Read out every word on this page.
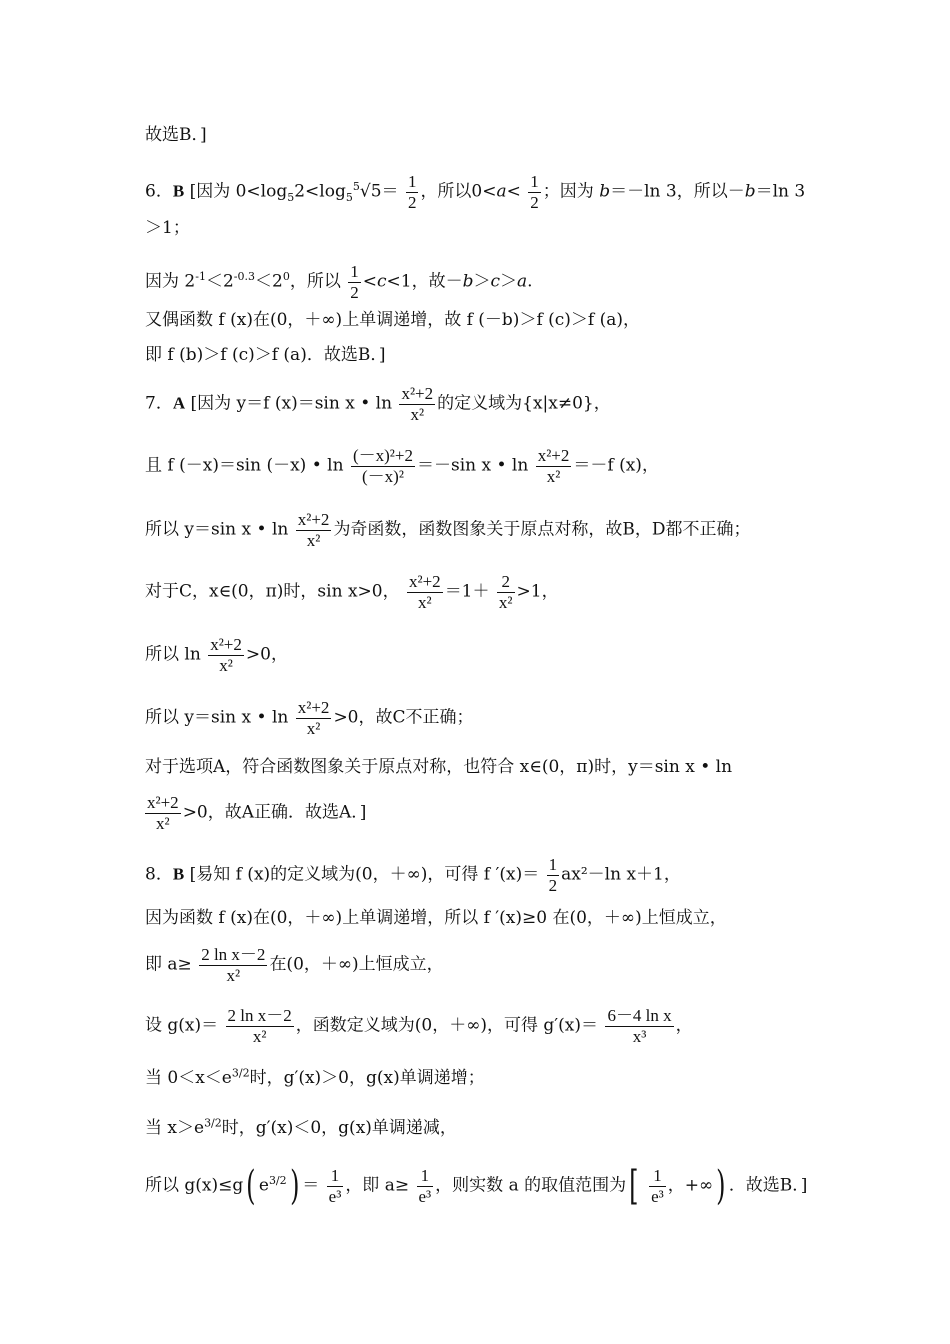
故选B．]
6．B [因为 $0<\log_52<\log_5^5√5= \frac{1}{2}$ ，所以$0<a< \frac{1}{2}$ ；因为 b＝－ln 3，所以－b＝ln 3
＞1；
因为 $2^{-1}<2^{-0.3}<2^0$，所以 $\frac{1}{2} <c<1$，故－b＞c＞a.
又偶函数 f (x)在(0，＋∞)上单调递增，故 f (－b)＞f (c)＞f (a)，
即 f (b)＞f (c)＞f (a)．故选B．]
7．A [因为 y＝f (x)＝sin x • $\ln \frac{\text{x²+2}}{\text{x²}}$ 的定义域为{x|x≠0}，
且 f (－x)＝sin (－x) • $\ln \frac{\text{(－x)²+2}}{\text{(－x)²}} =-\sin$ x • $\ln \frac{\text{x²+2}}{\text{x²}} =-f$ (x)，
所以 y＝sin x • $\ln \frac{\text{x²+2}}{\text{x²}}$ 为奇函数，函数图象关于原点对称，故B，D都不正确；
对于C，x∈(0，π)时，sin x>0， $\frac{\text{x²+2}}{\text{x²}} =1+ \frac{2}{\text{x²}} >1$，
所以 $\ln \frac{\text{x²+2}}{\text{x²}} >0$，
所以 y＝sin x • $\ln \frac{\text{x²+2}}{\text{x²}} >0$，故C不正确；
对于选项A，符合函数图象关于原点对称，也符合 x∈(0，π)时，y＝sin x • ln
$\frac{\text{x²+2}}{\text{x²}} >0$，故A正确．故选A．]
8．B [易知 f (x)的定义域为(0，＋∞)，可得 f $'(x)= \frac{1}{2} ax^2-\ln$ x＋1，
因为函数 f (x)在(0，＋∞)上单调递增，所以 f ′(x)≥0 在(0，＋∞)上恒成立，
即 $a\ge \frac{\text{2 ln x－2}}{\text{x²}}$ 在(0，＋∞)上恒成立，
设 $g(x)= \frac{\text{2 ln x－2}}{\text{x²}}$ ，函数定义域为(0，＋∞)，可得 $g'(x)= \frac{\text{6－4 ln x}}{\text{x³}}$ ，
当 $0<x<e^{3/2}$时，g′(x)＞0，g(x)单调递增；
当 $x>e^{3/2}$时，g′(x)＜0，g(x)单调递减，
所以 g(x)≤g( $e^{3/2}) = \frac{1}{\text{e³}}$ ，即 $a\ge \frac{1}{\text{e³}}$ ，则实数 a 的取值范围为[ $\frac{1}{\text{e³}}$ ，+∞) ．故选B．]
